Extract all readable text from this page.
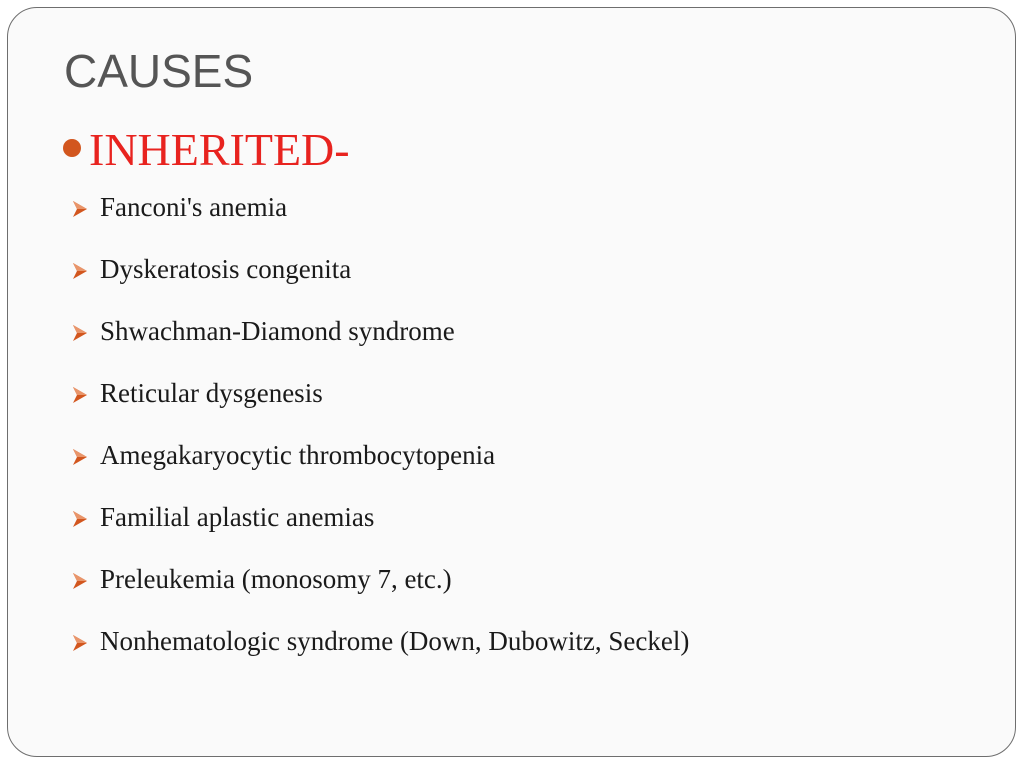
CAUSES
INHERITED-
Fanconi's anemia
Dyskeratosis congenita
Shwachman-Diamond syndrome
Reticular dysgenesis
Amegakaryocytic thrombocytopenia
Familial aplastic anemias
Preleukemia (monosomy 7, etc.)
Nonhematologic syndrome (Down, Dubowitz, Seckel)
